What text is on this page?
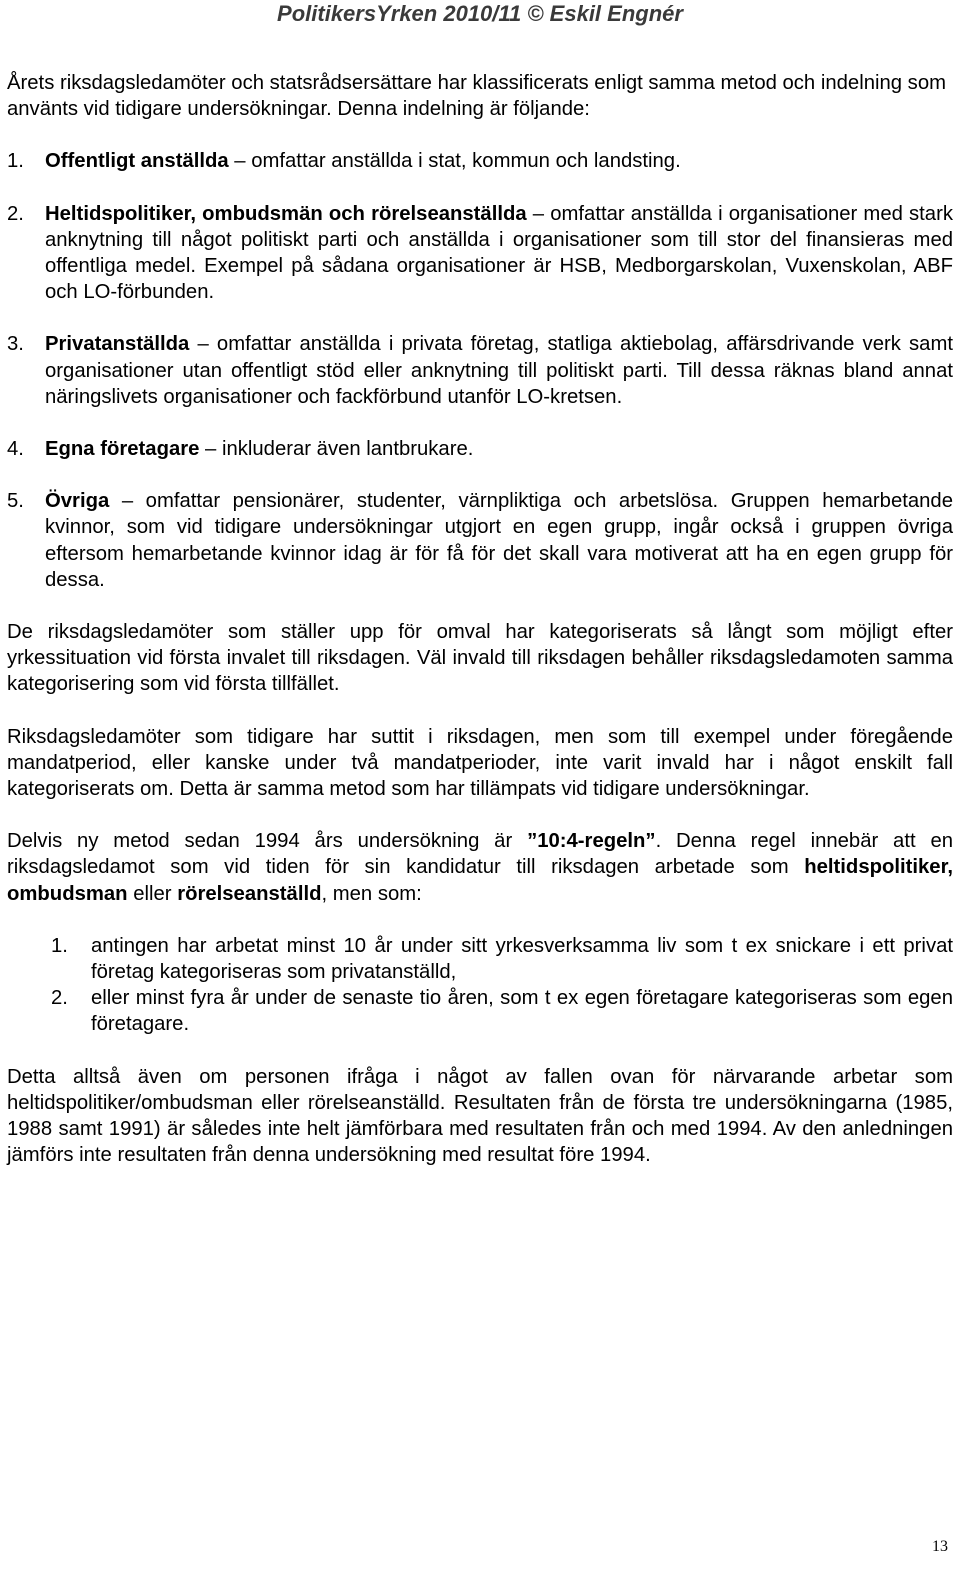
PolitikersYrken 2010/11 © Eskil Engnér

Årets riksdagsledamöter och statsrådsersättare har klassificerats enligt samma metod och indelning som använts vid tidigare undersökningar. Denna indelning är följande:

1.	Offentligt anställda – omfattar anställda i stat, kommun och landsting.
2.	Heltidspolitiker, ombudsmän och rörelseanställda – omfattar anställda i organisationer med stark anknytning till något politiskt parti och anställda i organisationer som till stor del finansieras med offentliga medel. Exempel på sådana organisationer är HSB, Medborgarskolan, Vuxenskolan, ABF och LO-förbunden.
3.	Privatanställda – omfattar anställda i privata företag, statliga aktiebolag, affärsdrivande verk samt organisationer utan offentligt stöd eller anknytning till politiskt parti. Till dessa räknas bland annat näringslivets organisationer och fackförbund utanför LO-kretsen.
4.	Egna företagare – inkluderar även lantbrukare.
5.	Övriga – omfattar pensionärer, studenter, värnpliktiga och arbetslösa. Gruppen hemarbetande kvinnor, som vid tidigare undersökningar utgjort en egen grupp, ingår också i gruppen övriga eftersom hemarbetande kvinnor idag är för få för det skall vara motiverat att ha en egen grupp för dessa.

De riksdagsledamöter som ställer upp för omval har kategoriserats så långt som möjligt efter yrkessituation vid första invalet till riksdagen. Väl invald till riksdagen behåller riksdagsledamoten samma kategorisering som vid första tillfället.

Riksdagsledamöter som tidigare har suttit i riksdagen, men som till exempel under föregående mandatperiod, eller kanske under två mandatperioder, inte varit invald har i något enskilt fall kategoriserats om. Detta är samma metod som har tillämpats vid tidigare undersökningar.

Delvis ny metod sedan 1994 års undersökning är ”10:4-regeln”. Denna regel innebär att en riksdagsledamot som vid tiden för sin kandidatur till riksdagen arbetade som heltidspolitiker, ombudsman eller rörelseanställd, men som:

1.	antingen har arbetat minst 10 år under sitt yrkesverksamma liv som t ex snickare i ett privat företag kategoriseras som privatanställd,
2.	eller minst fyra år under de senaste tio åren, som t ex egen företagare kategoriseras som egen företagare.

Detta alltså även om personen ifråga i något av fallen ovan för närvarande arbetar som heltidspolitiker/ombudsman eller rörelseanställd. Resultaten från de första tre undersökningarna (1985, 1988 samt 1991) är således inte helt jämförbara med resultaten från och med 1994. Av den anledningen jämförs inte resultaten från denna undersökning med resultat före 1994.

13
